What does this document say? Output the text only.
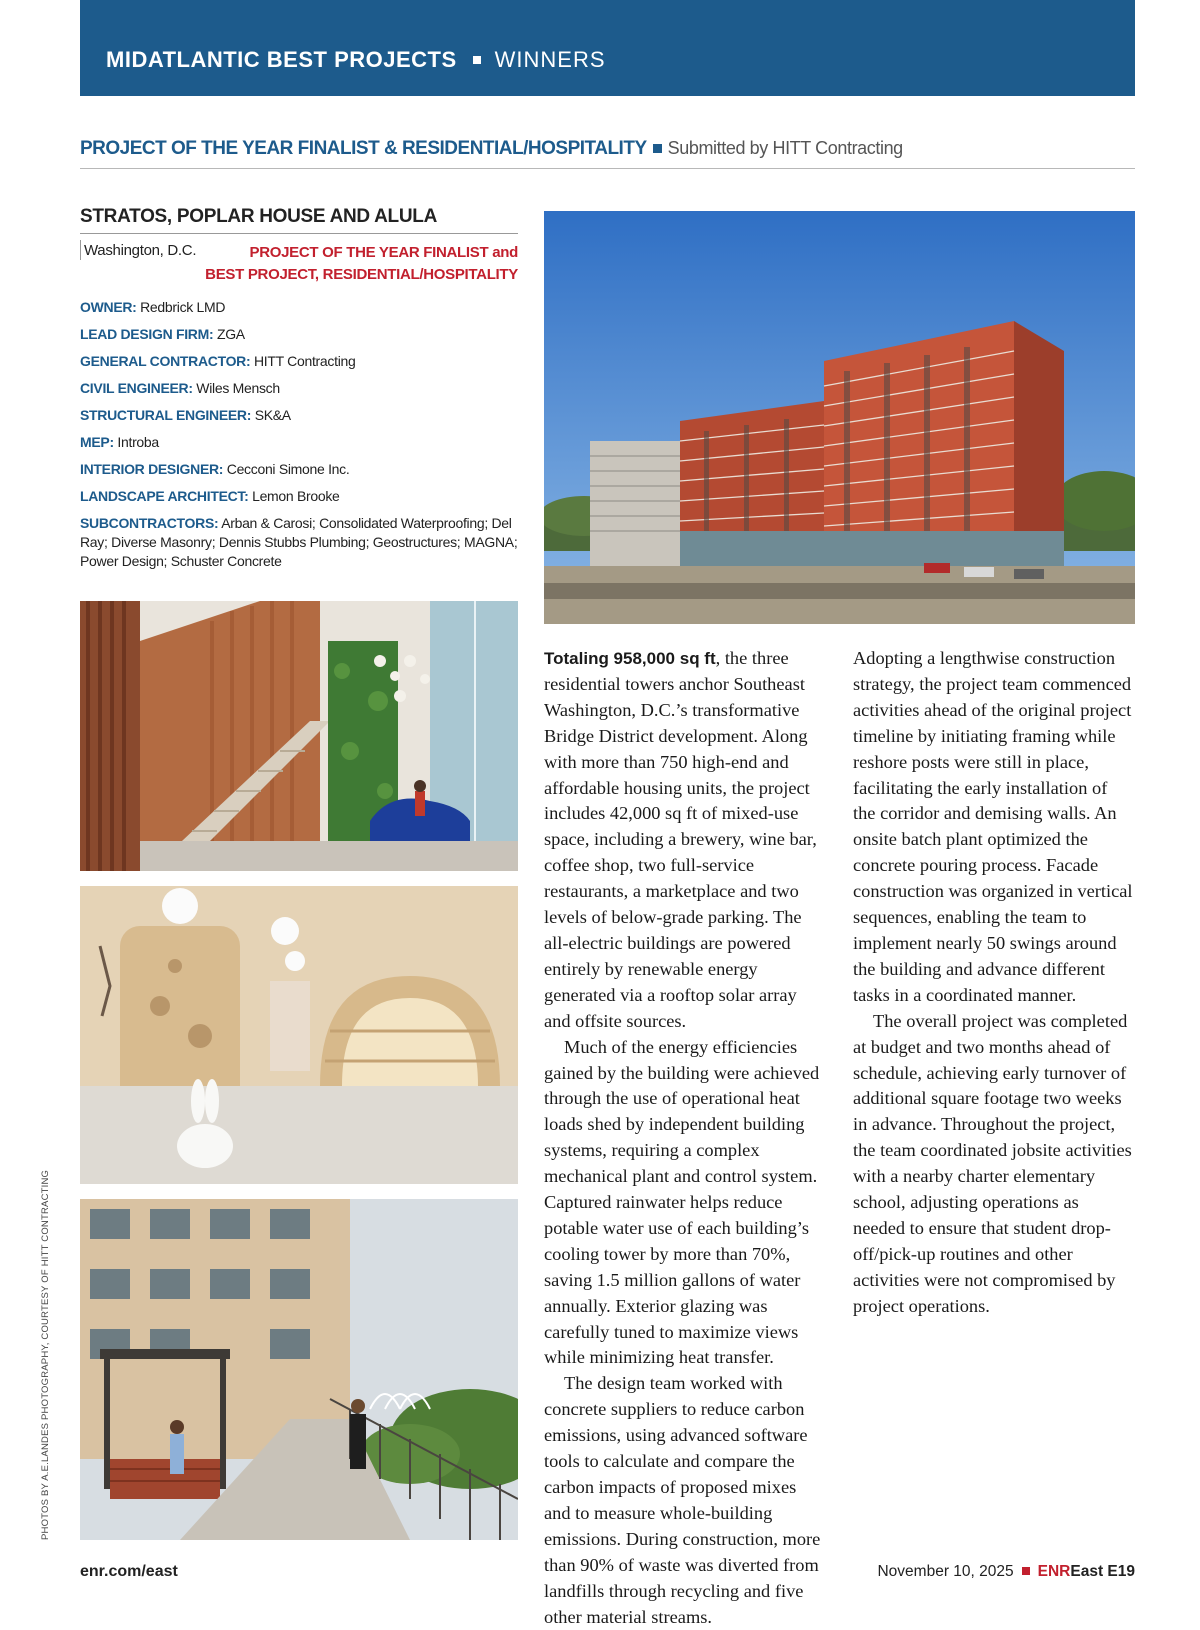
MIDATLANTIC BEST PROJECTS WINNERS
PROJECT OF THE YEAR FINALIST & RESIDENTIAL/HOSPITALITY Submitted by HITT Contracting
STRATOS, POPLAR HOUSE AND ALULA
Washington, D.C.	PROJECT OF THE YEAR FINALIST and
BEST PROJECT, RESIDENTIAL/HOSPITALITY
OWNER: Redbrick LMD
LEAD DESIGN FIRM: ZGA
GENERAL CONTRACTOR: HITT Contracting
CIVIL ENGINEER: Wiles Mensch
STRUCTURAL ENGINEER: SK&A
MEP: Introba
INTERIOR DESIGNER: Cecconi Simone Inc.
LANDSCAPE ARCHITECT: Lemon Brooke
SUBCONTRACTORS: Arban & Carosi; Consolidated Waterproofing; Del Ray; Diverse Masonry; Dennis Stubbs Plumbing; Geostructures; MAGNA; Power Design; Schuster Concrete

Totaling 958,000 sq ft, the three residential towers anchor Southeast Washington, D.C.’s transformative Bridge District development. Along with more than 750 high-end and affordable housing units, the project includes 42,000 sq ft of mixed-use space, including a brewery, wine bar, coffee shop, two full-service restaurants, a marketplace and two levels of below-grade parking. The all-electric buildings are powered entirely by renewable energy generated via a rooftop solar array and offsite sources.

Much of the energy efficiencies gained by the building were achieved through the use of operational heat loads shed by independent building systems, requiring a complex mechanical plant and control system. Captured rainwater helps reduce potable water use of each building’s cooling tower by more than 70%, saving 1.5 million gallons of water annually. Exterior glazing was carefully tuned to maximize views while minimizing heat transfer.

The design team worked with concrete suppliers to reduce carbon emissions, using advanced software tools to calculate and compare the carbon impacts of proposed mixes and to measure whole-building emissions. During construction, more than 90% of waste was diverted from landfills through recycling and five other material streams.

Adopting a lengthwise construction strategy, the project team commenced activities ahead of the original project timeline by initiating framing while reshore posts were still in place, facilitating the early installation of the corridor and demising walls. An onsite batch plant optimized the concrete pouring process. Facade construction was organized in vertical sequences, enabling the team to implement nearly 50 swings around the building and advance different tasks in a coordinated manner.

The overall project was completed at budget and two months ahead of schedule, achieving early turnover of additional square footage two weeks in advance. Throughout the project, the team coordinated jobsite activities with a nearby charter elementary school, adjusting operations as needed to ensure that student drop-off/pick-up routines and other activities were not compromised by project operations.

PHOTOS BY A.E.LANDES PHOTOGRAPHY, COURTESY OF HITT CONTRACTING
enr.com/east	November 10, 2025 ENREast E19
